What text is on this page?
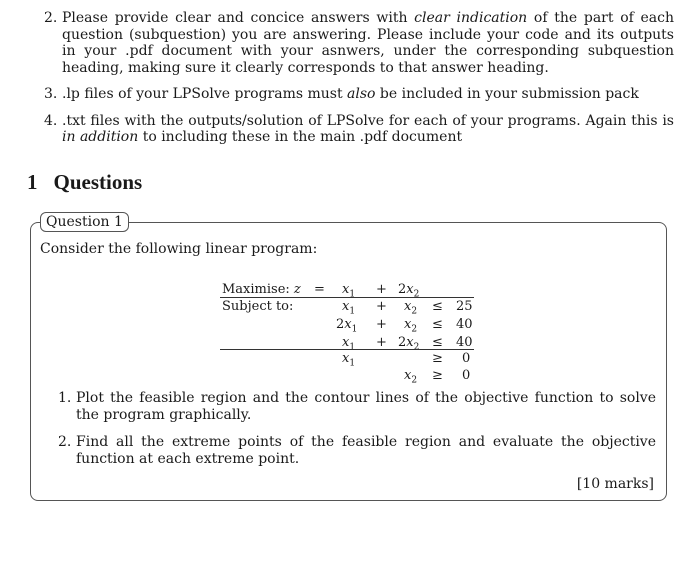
2. Please provide clear and concice answers with clear indication of the part of each question (subquestion) you are answering. Please include your code and its outputs in your .pdf document with your asnwers, under the corresponding subquestion heading, making sure it clearly corresponds to that answer heading.
3. .lp files of your LPSolve programs must also be included in your submission pack
4. .txt files with the outputs/solution of LPSolve for each of your programs. Again this is in addition to including these in the main .pdf document
1 Questions
Question 1
Consider the following linear program:
Maximise: $z = x_1 + 2x_2$
Subject to:	$x_1 + x_2 \le 25$
$2x_1 + x_2 \le 40$
$x_1 + 2x_2 \le 40$
$x_1$	≥ 0
$x_2 \ge 0$
1. Plot the feasible region and the contour lines of the objective function to solve the program graphically.
2. Find all the extreme points of the feasible region and evaluate the objective function at each extreme point.
[10 marks]
